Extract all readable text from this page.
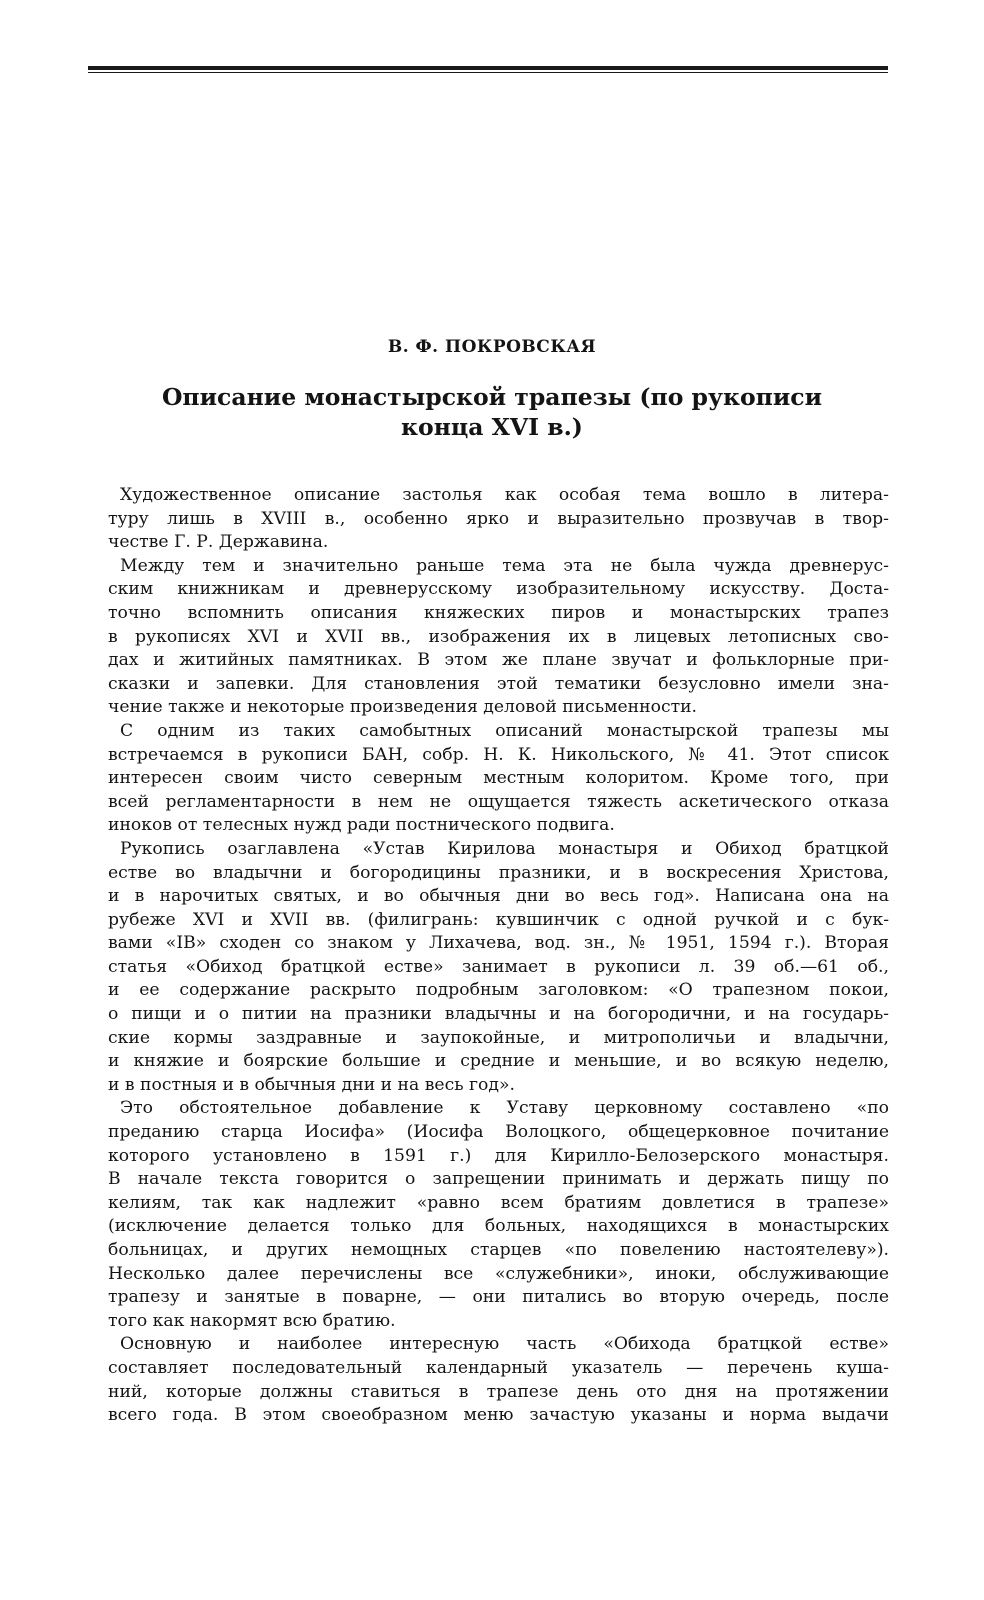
В. Ф. ПОКРОВСКАЯ
Описание монастырской трапезы (по рукописи
конца XVI в.)
Художественное описание застолья как особая тема вошло в литера-
туру лишь в XVIII в., особенно ярко и выразительно прозвучав в твор-
честве Г. Р. Державина.
Между тем и значительно раньше тема эта не была чужда древнерус-
ским книжникам и древнерусскому изобразительному искусству. Доста-
точно вспомнить описания княжеских пиров и монастырских трапез
в рукописях XVI и XVII вв., изображения их в лицевых летописных сво-
дах и житийных памятниках. В этом же плане звучат и фольклорные при-
сказки и запевки. Для становления этой тематики безусловно имели зна-
чение также и некоторые произведения деловой письменности.
С одним из таких самобытных описаний монастырской трапезы мы
встречаемся в рукописи БАН, собр. Н. К. Никольского, № 41. Этот список
интересен своим чисто северным местным колоритом. Кроме того, при
всей регламентарности в нем не ощущается тяжесть аскетического отказа
иноков от телесных нужд ради постнического подвига.
Рукопись озаглавлена «Устав Кирилова монастыря и Обиход братцкой
естве во владычни и богородицины празники, и в воскресения Христова,
и в нарочитых святых, и во обычныя дни во весь год». Написана она на
рубеже XVI и XVII вв. (филигрань: кувшинчик с одной ручкой и с бук-
вами «IВ» сходен со знаком у Лихачева, вод. зн., № 1951, 1594 г.). Вторая
статья «Обиход братцкой естве» занимает в рукописи л. 39 об.—61 об.,
и ее содержание раскрыто подробным заголовком: «О трапезном покои,
о пищи и о питии на празники владычны и на богородични, и на государь-
ские кормы заздравные и заупокойные, и митрополичьи и владычни,
и княжие и боярские большие и средние и меньшие, и во всякую неделю,
и в постныя и в обычныя дни и на весь год».
Это обстоятельное добавление к Уставу церковному составлено «по
преданию старца Иосифа» (Иосифа Волоцкого, общецерковное почитание
которого установлено в 1591 г.) для Кирилло-Белозерского монастыря.
В начале текста говорится о запрещении принимать и держать пищу по
келиям, так как надлежит «равно всем братиям довлетися в трапезе»
(исключение делается только для больных, находящихся в монастырских
больницах, и других немощных старцев «по повелению настоятелеву»).
Несколько далее перечислены все «служебники», иноки, обслуживающие
трапезу и занятые в поварне, — они питались во вторую очередь, после
того как накормят всю братию.
Основную и наиболее интересную часть «Обихода братцкой естве»
составляет последовательный календарный указатель — перечень куша-
ний, которые должны ставиться в трапезе день ото дня на протяжении
всего года. В этом своеобразном меню зачастую указаны и норма выдачи
